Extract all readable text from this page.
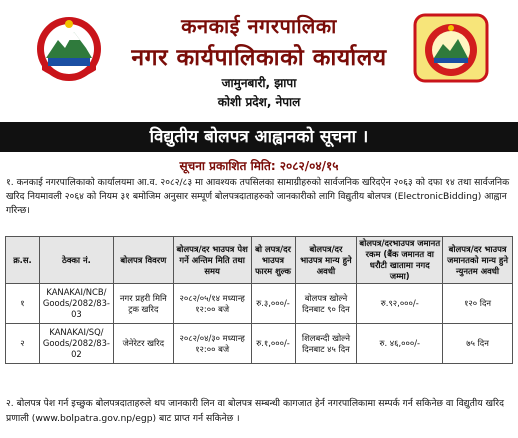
कनकाई नगरपालिका
नगर कार्यपालिकाको कार्यालय
जामुनबारी, झापा
कोशी प्रदेश, नेपाल
विद्युतीय बोलपत्र आह्वानको सूचना ।
सूचना प्रकाशित मिति: २०८२/०४/१५
१. कनकाई नगरपालिकाको कार्यालयमा आ.व. २०८२/८३ मा आवश्यक तपसिलका सामाग्रीहरुको सार्वजनिक खरिदऐन २०६३ को दफा १४ तथा सार्वजनिक खरिद नियमावली २०६४ को नियम ३१ बमोजिम अनुसार सम्पूर्ण बोलपत्रदाताहरुको जानकारीको लागि विद्युतीय बोलपत्र (ElectronicBidding) आह्वान गरिन्छ।
क्र.स.	ठेक्का नं.	बोलपत्र विवरण	बोलपत्र/दर भाउपत्र पेश गर्ने अन्तिम मिति तथा समय	बो लपत्र/दर भाउपत्र फारम शुल्क	बोलपत्र/दर भाउपत्र मान्य हुने अवधी	बोलपत्र/दरभाउपत्र जमानत रकम (बैंक जमानत वा धरौटी खातामा नगद जम्मा)	बोलपत्र/दर भाउपत्र जमानतको मान्य हुने न्युनतम अवधी
१	KANAKAI/NCB/ Goods/2082/83-03	नगर प्रहरी मिनि ट्रक खरिद	२०८२/०५/१४ मध्यान्ह १२:०० बजे	रु.३,०००/-	बोलपत्र खोल्ने दिनबाट ९० दिन	रु.९२,०००/-	१२० दिन
२	KANAKAI/SQ/ Goods/2082/83-02	जेनेरेटर खरिद	२०८२/०४/३० मध्यान्ह १२:०० बजे	रु.१,०००/-	शिलबन्दी खोल्ने दिनबाट ४५ दिन	रु. ४६,०००/-	७५ दिन
२. बोलपत्र पेश गर्न इच्छुक बोलपत्रदाताहरुले थप जानकारी लिन वा बोलपत्र सम्बन्धी कागजात हेर्न नगरपालिकामा सम्पर्क गर्न सकिनेछ वा विद्युतीय खरिद प्रणाली (www.bolpatra.gov.np/egp) बाट प्राप्त गर्न सकिनेछ ।
